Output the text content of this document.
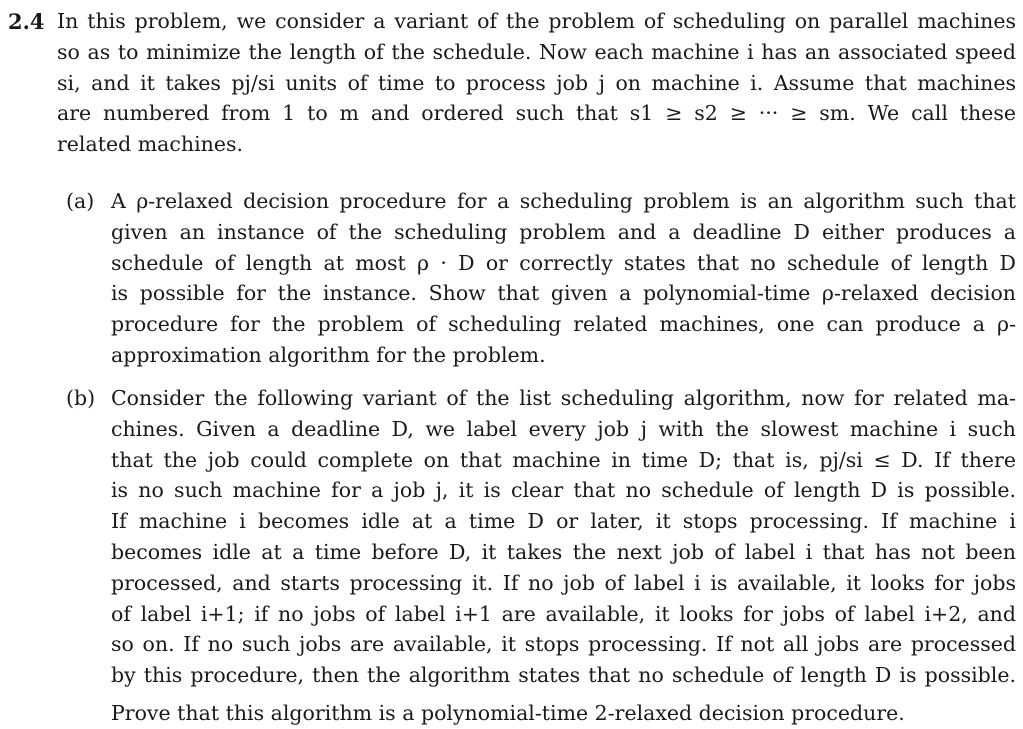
2.4 In this problem, we consider a variant of the problem of scheduling on parallel machines
so as to minimize the length of the schedule. Now each machine i has an associated speed
si, and it takes pj/si units of time to process job j on machine i. Assume that machines
are numbered from 1 to m and ordered such that s1 ≥ s2 ≥ ··· ≥ sm. We call these
related machines.
(a) A ρ-relaxed decision procedure for a scheduling problem is an algorithm such that
given an instance of the scheduling problem and a deadline D either produces a
schedule of length at most ρ · D or correctly states that no schedule of length D
is possible for the instance. Show that given a polynomial-time ρ-relaxed decision
procedure for the problem of scheduling related machines, one can produce a ρ-
approximation algorithm for the problem.
(b) Consider the following variant of the list scheduling algorithm, now for related ma-
chines. Given a deadline D, we label every job j with the slowest machine i such
that the job could complete on that machine in time D; that is, pj/si ≤ D. If there
is no such machine for a job j, it is clear that no schedule of length D is possible.
If machine i becomes idle at a time D or later, it stops processing. If machine i
becomes idle at a time before D, it takes the next job of label i that has not been
processed, and starts processing it. If no job of label i is available, it looks for jobs
of label i+1; if no jobs of label i+1 are available, it looks for jobs of label i+2, and
so on. If no such jobs are available, it stops processing. If not all jobs are processed
by this procedure, then the algorithm states that no schedule of length D is possible.
Prove that this algorithm is a polynomial-time 2-relaxed decision procedure.
